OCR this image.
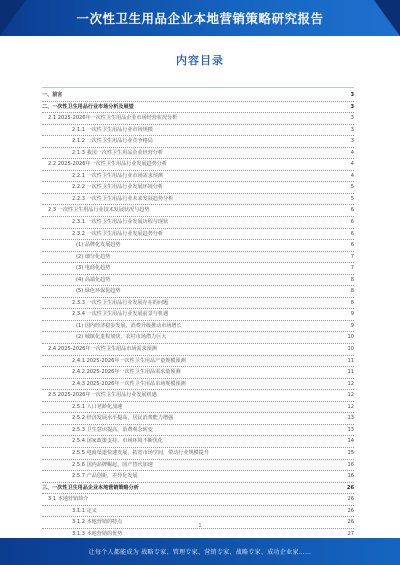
一次性卫生用品企业本地营销策略研究报告
内容目录
一、前言	3
二、一次性卫生用品行业市场分析及展望	3
2.1 2025-2026年一次性卫生用品企业市场经营状况分析	3
2.1.1 一次性卫生用品行业市场规模	3
2.1.2 一次性卫生用品行业竞争格局	3
2.1.3 我国一次性卫生用品企业经营分析	4
2.2 2025-2026年一次性卫生用品行业发展趋势分析	4
2.2.1 一次性卫生用品行业市场需求预测	4
2.2.2 一次性卫生用品行业发展环境分析	5
2.2.3 一次性卫生用品行业未来发展趋势分析	5
2.3 一次性卫生用品行业技术发展状况与趋势	6
2.3.1 一次性卫生用品行业发展历程与现状	6
2.3.2 一次性卫生用品行业发展趋势分析	6
(1) 品牌化发展趋势	6
(2) 细分化趋势	7
(3) 电商化趋势	7
(4) 高端化趋势	8
(5) 绿色环保化趋势	8
2.3.3 一次性卫生用品行业发展存在的问题	8
2.3.4 一次性卫生用品行业发展前景与机遇	9
(1) 国内经济稳步发展，消费升级推动市场增长	9
(2) 城镇化进程加快，农村市场潜力巨大	10
2.4 2025-2026年一次性卫生用品市场需求预测	10
2.4.1 2025-2026年一次性卫生用品产量规模预测	11
2.4.2 2025-2026年一次性卫生用品需求量预测	11
2.4.3 2025-2026年一次性卫生用品市场规模预测	12
2.5 2025-2026年一次性卫生用品行业发展机遇	12
2.5.1 人口老龄化加速	12
2.5.2 经济发展水平提高，居民消费能力增强	13
2.5.3 卫生意识提高，消费观念转变	13
2.5.4 国家政策支持，市场环境不断优化	14
2.5.5 电商渠道快速发展，拓宽市场空间，带动行业规模提升	15
2.5.6 国内品牌崛起，国产替代加速	16
2.5.7 产品创新，差异化发展	16
三、一次性卫生用品企业本地营销策略分析	26
3.1 本地营销简介	26
3.1.1 定义	26
3.1.2 本地营销的特点	26
3.1.3 本地营销的优势	27
1
让每个人都能成为 战略专家、管理专家、营销专家、战略专家、成功企业家……
